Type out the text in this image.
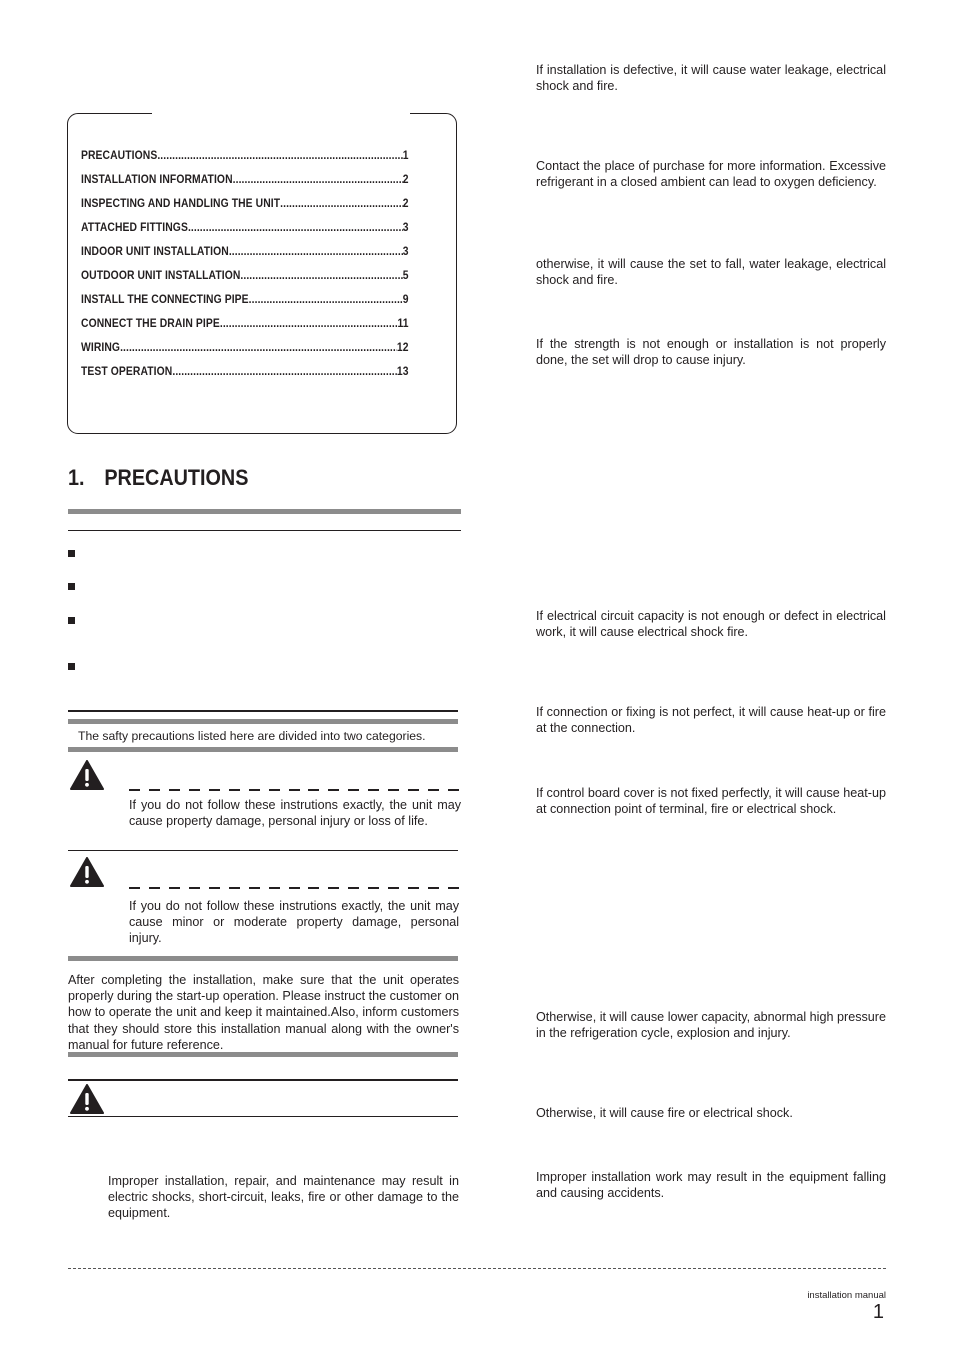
PRECAUTIONS .....	1
INSTALLATION INFORMATION .....	2
INSPECTING AND HANDLING THE UNIT .....	2
ATTACHED FITTINGS .....	3
INDOOR UNIT INSTALLATION .....	3
OUTDOOR UNIT INSTALLATION .....	5
INSTALL THE CONNECTING PIPE .....	9
CONNECT THE DRAIN PIPE .....	11
WIRING .....	12
TEST OPERATION .....	13
1. PRECAUTIONS
The safty precautions listed here are divided into two categories.
If you do not follow these instrutions exactly, the unit may cause property damage, personal injury or loss of life.
If you do not follow these instrutions exactly, the unit may cause minor or moderate property damage, personal injury.
After completing the installation, make sure that the unit operates properly during the start-up operation. Please instruct the customer on how to operate the unit and keep it maintained.Also, inform customers that they should store this installation manual along with the owner's manual for future reference.
Improper installation, repair, and maintenance may result in electric shocks, short-circuit, leaks, fire or other damage to the equipment.
If installation is defective, it will cause water leakage, electrical shock and fire.
Contact the place of purchase for more information. Excessive refrigerant in a closed ambient can lead to oxygen deficiency.
otherwise, it will cause the set to fall, water leakage, electrical shock and fire.
If the strength is not enough or installation is not properly done, the set will drop to cause injury.
If electrical circuit capacity is not enough or defect in electrical work, it will cause electrical shock fire.
If connection or fixing is not perfect, it will cause heat-up or fire at the connection.
If control board cover is not fixed perfectly, it will cause heat-up at connection point of terminal, fire or electrical shock.
Otherwise, it will cause lower capacity, abnormal high pressure in the refrigeration cycle, explosion and injury.
Otherwise, it will cause fire or electrical shock.
Improper installation work may result in the equipment falling and causing accidents.
installation manual
1
